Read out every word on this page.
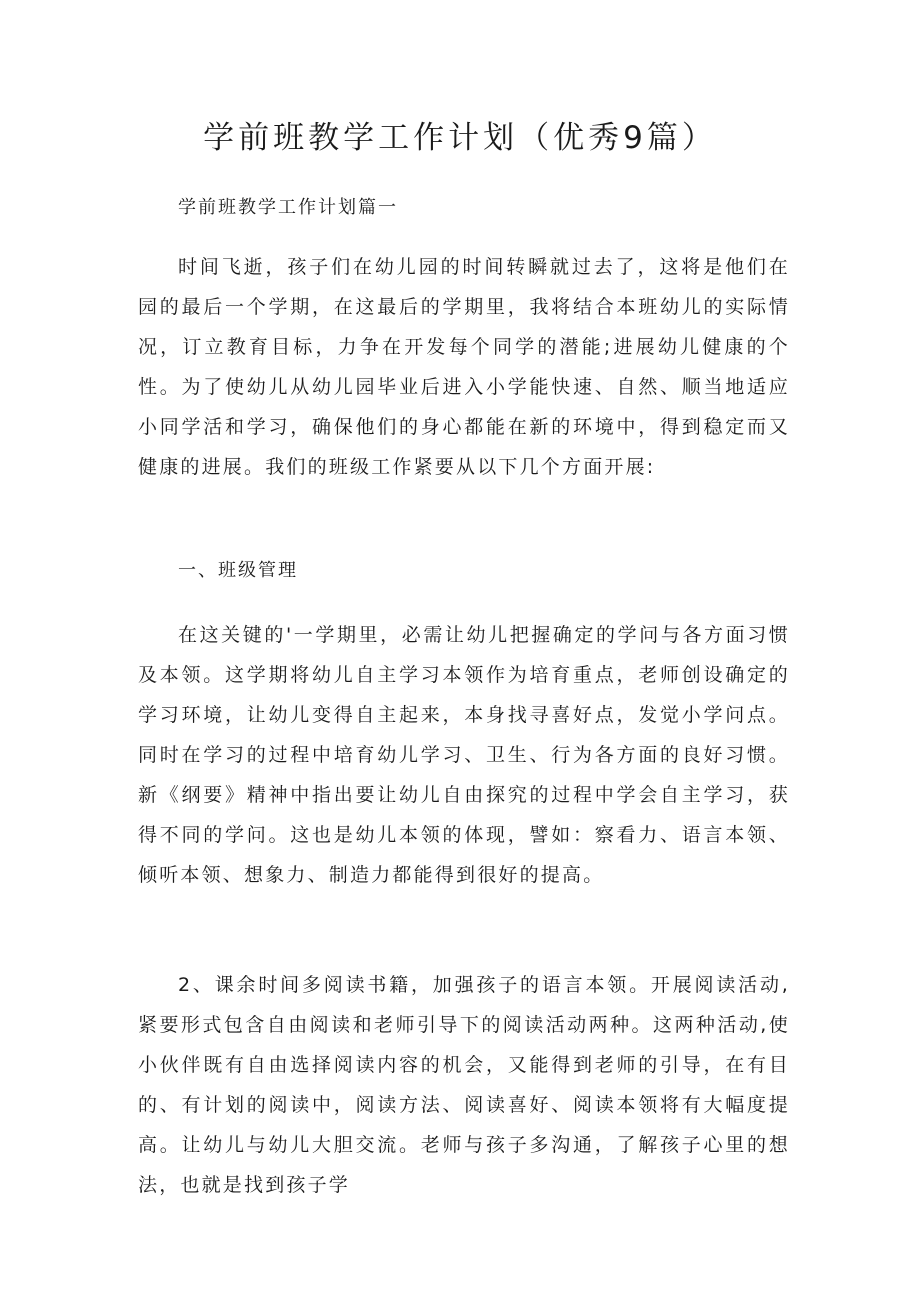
学前班教学工作计划（优秀9篇）
学前班教学工作计划篇一

时间飞逝，孩子们在幼儿园的时间转瞬就过去了，这将是他们在园的最后一个学期，在这最后的学期里，我将结合本班幼儿的实际情况，订立教育目标，力争在开发每个同学的潜能;进展幼儿健康的个性。为了使幼儿从幼儿园毕业后进入小学能快速、自然、顺当地适应小同学活和学习，确保他们的身心都能在新的环境中，得到稳定而又健康的进展。我们的班级工作紧要从以下几个方面开展:

一、班级管理

在这关键的'一学期里，必需让幼儿把握确定的学问与各方面习惯及本领。这学期将幼儿自主学习本领作为培育重点，老师创设确定的学习环境，让幼儿变得自主起来，本身找寻喜好点，发觉小学问点。同时在学习的过程中培育幼儿学习、卫生、行为各方面的良好习惯。新《纲要》精神中指出要让幼儿自由探究的过程中学会自主学习，获得不同的学问。这也是幼儿本领的体现，譬如：察看力、语言本领、倾听本领、想象力、制造力都能得到很好的提高。

2、课余时间多阅读书籍，加强孩子的语言本领。开展阅读活动,紧要形式包含自由阅读和老师引导下的阅读活动两种。这两种活动,使小伙伴既有自由选择阅读内容的机会，又能得到老师的引导，在有目的、有计划的阅读中，阅读方法、阅读喜好、阅读本领将有大幅度提高。让幼儿与幼儿大胆交流。老师与孩子多沟通，了解孩子心里的想法，也就是找到孩子学
